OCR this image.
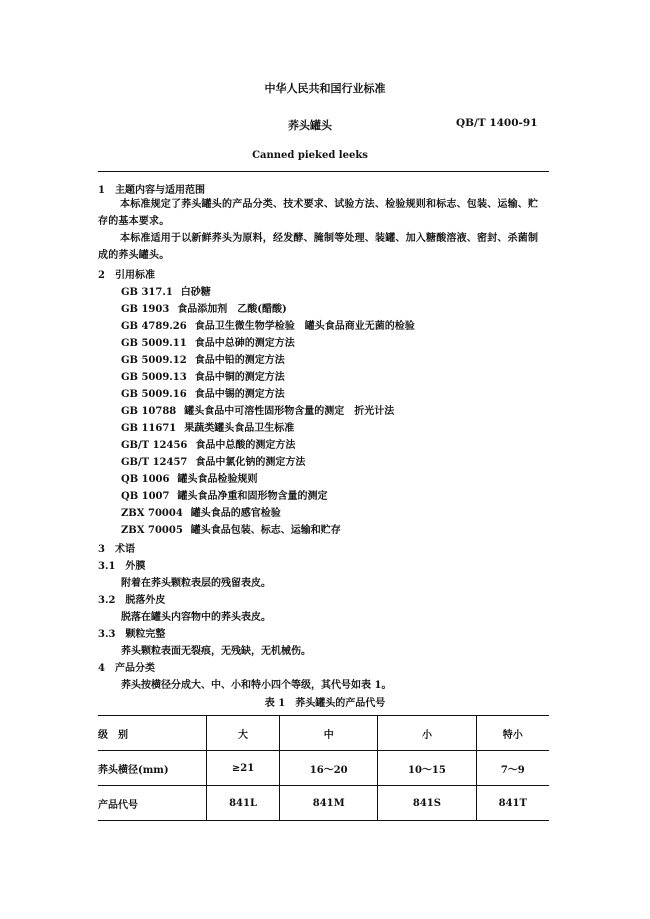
中华人民共和国行业标准
荞头罐头	QB/T 1400-91
Canned pieked leeks
1　主题内容与适用范围
本标准规定了荞头罐头的产品分类、技术要求、试验方法、检验规则和标志、包装、运输、贮存的基本要求。
本标准适用于以新鲜荞头为原料，经发酵、腌制等处理、装罐、加入糖酸溶液、密封、杀菌制成的荞头罐头。
2　引用标准
GB 317.1 白砂糖
GB 1903 食品添加剂　乙酸(醋酸)
GB 4789.26 食品卫生微生物学检验　罐头食品商业无菌的检验
GB 5009.11 食品中总砷的测定方法
GB 5009.12 食品中铅的测定方法
GB 5009.13 食品中铜的测定方法
GB 5009.16 食品中锡的测定方法
GB 10788 罐头食品中可溶性固形物含量的测定　折光计法
GB 11671 果蔬类罐头食品卫生标准
GB/T 12456 食品中总酸的测定方法
GB/T 12457 食品中氯化钠的测定方法
QB 1006 罐头食品检验规则
QB 1007 罐头食品净重和固形物含量的测定
ZBX 70004 罐头食品的感官检验
ZBX 70005 罐头食品包装、标志、运输和贮存
3　术语
3.1　外膜
附着在荞头颗粒表层的残留表皮。
3.2　脱落外皮
脱落在罐头内容物中的荞头表皮。
3.3　颗粒完整
荞头颗粒表面无裂痕，无残缺，无机械伤。
4　产品分类
荞头按横径分成大、中、小和特小四个等级，其代号如表 1。
表 1　荞头罐头的产品代号
级　别	大	中	小	特小
荞头横径(mm)	≥21	16～20	10～15	7～9
产品代号	841L	841M	841S	841T
